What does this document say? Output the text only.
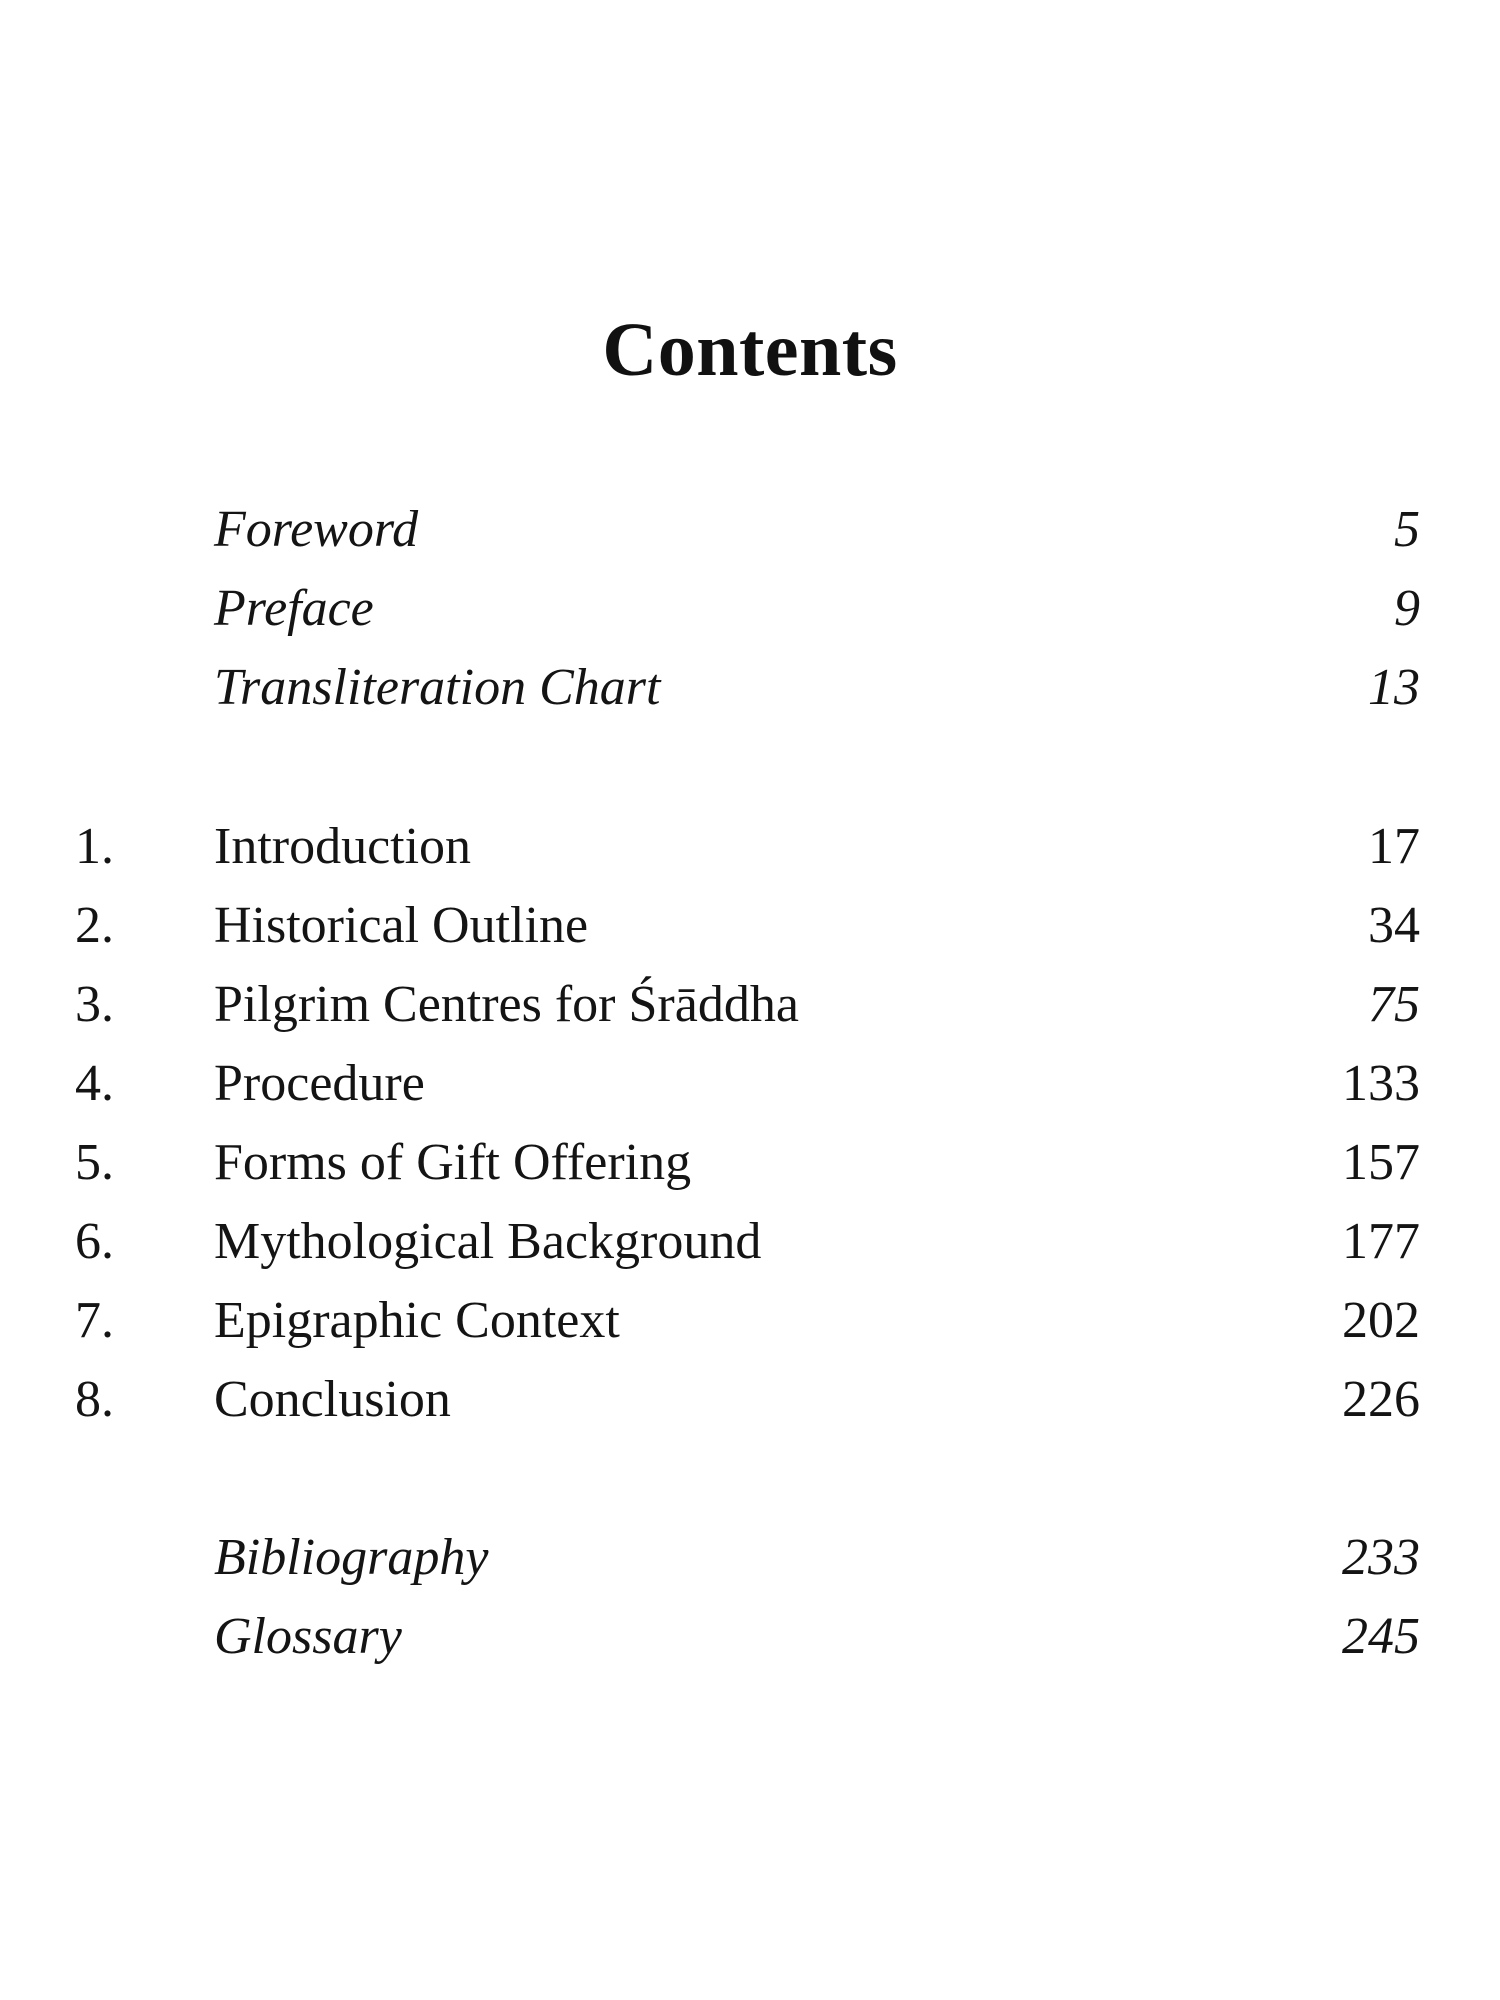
Contents
Foreword	5
Preface	9
Transliteration Chart	13
1. Introduction	17
2. Historical Outline	34
3. Pilgrim Centres for Śrāddha	75
4. Procedure	133
5. Forms of Gift Offering	157
6. Mythological Background	177
7. Epigraphic Context	202
8. Conclusion	226
Bibliography	233
Glossary	245
